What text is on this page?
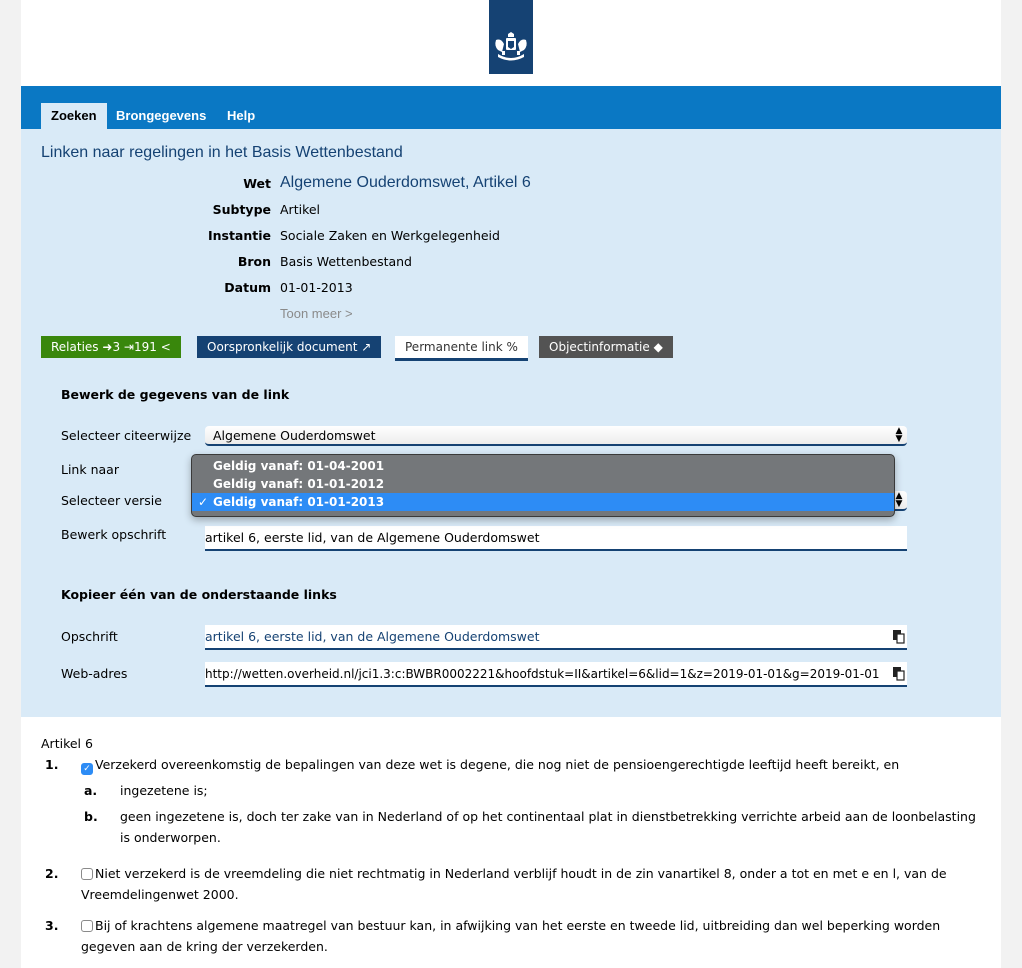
Zoeken	Brongegevens	Help
Linken naar regelingen in het Basis Wettenbestand
Wet Algemene Ouderdomswet, Artikel 6
Subtype Artikel
Instantie Sociale Zaken en Werkgelegenheid
Bron Basis Wettenbestand
Datum 01-01-2013
Toon meer >
Relaties ➜3 ⇥191 <	Oorspronkelijk document ↗	Permanente link %	Objectinformatie ◆
Bewerk de gegevens van de link
Selecteer citeerwijze	Algemene Ouderdomswet	▲
▼
Link naar
Selecteer versie	▲
▼
Bewerk opschrift	artikel 6, eerste lid, van de Algemene Ouderdomswet
Kopieer één van de onderstaande links
Opschrift	artikel 6, eerste lid, van de Algemene Ouderdomswet
Web-adres	http://wetten.overheid.nl/jci1.3:c:BWBR0002221&hoofdstuk=II&artikel=6&lid=1&z=2019-01-01&g=2019-01-01
Geldig vanaf: 01-04-2001
Geldig vanaf: 01-01-2012
✓ Geldig vanaf: 01-01-2013
Artikel 6
1.	✓ Verzekerd overeenkomstig de bepalingen van deze wet is degene, die nog niet de pensioengerechtigde leeftijd heeft bereikt, en
a. ingezetene is;
b. geen ingezetene is, doch ter zake van in Nederland of op het continentaal plat in dienstbetrekking verrichte arbeid aan de loonbelasting is onderworpen.
2.	Niet verzekerd is de vreemdeling die niet rechtmatig in Nederland verblijf houdt in de zin vanartikel 8, onder a tot en met e en l, van de Vreemdelingenwet 2000.
3.	Bij of krachtens algemene maatregel van bestuur kan, in afwijking van het eerste en tweede lid, uitbreiding dan wel beperking worden gegeven aan de kring der verzekerden.
